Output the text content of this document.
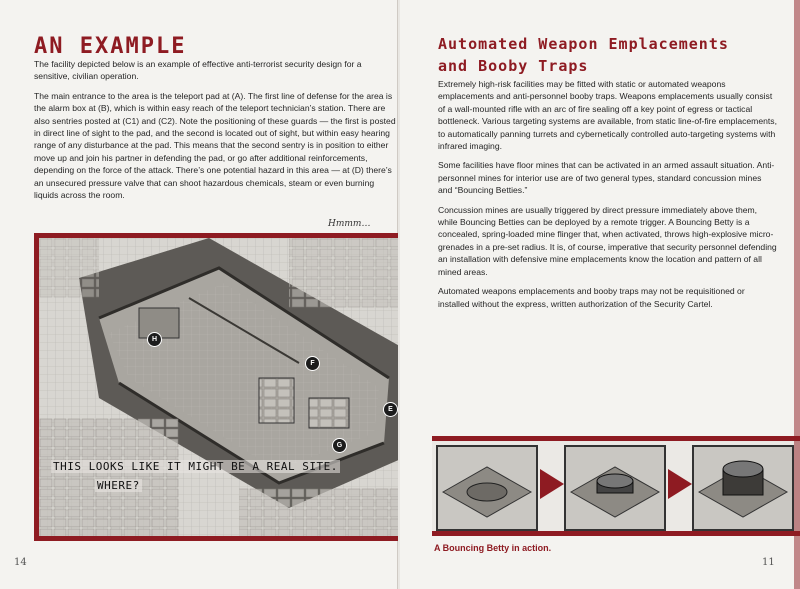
AN EXAMPLE

The facility depicted below is an example of effective anti-terrorist security design for a sensitive, civilian operation.

The main entrance to the area is the teleport pad at (A). The first line of defense for the area is the alarm box at (B), which is within easy reach of the teleport technician’s station. There are also sentries posted at (C1) and (C2). Note the positioning of these guards — the first is posted in direct line of sight to the pad, and the second is located out of sight, but within easy hearing range of any disturbance at the pad. This means that the second sentry is in position to either move up and join his partner in defending the pad, or go after additional reinforcements, depending on the force of the attack. There’s one potential hazard in this area — at (D) there’s an unsecured pressure valve that can shoot hazardous chemicals, steam or even burning liquids across the room.

Hmmm…
H
F
E
G
THIS LOOKS LIKE IT MIGHT BE A REAL SITE.
WHERE?
14
Automated Weapon Emplacements
and Booby Traps

Extremely high-risk facilities may be fitted with static or automated weapons emplacements and anti-personnel booby traps. Weapons emplacements usually consist of a wall-mounted rifle with an arc of fire sealing off a key point of egress or tactical bottleneck. Various targeting systems are available, from static line-of-fire emplacements, to automatically panning turrets and cybernetically controlled auto-targeting systems with infrared imaging.

Some facilities have floor mines that can be activated in an armed assault situation. Anti-personnel mines for interior use are of two general types, standard concussion mines and “Bouncing Betties.”

Concussion mines are usually triggered by direct pressure immediately above them, while Bouncing Betties can be deployed by a remote trigger. A Bouncing Betty is a concealed, spring-loaded mine flinger that, when activated, throws high-explosive micro-grenades in a pre-set radius. It is, of course, imperative that security personnel defending an installation with defensive mine emplacements know the location and pattern of all mined areas.

Automated weapons emplacements and booby traps may not be requisitioned or installed without the express, written authorization of the Security Cartel.

A Bouncing Betty in action.
11
